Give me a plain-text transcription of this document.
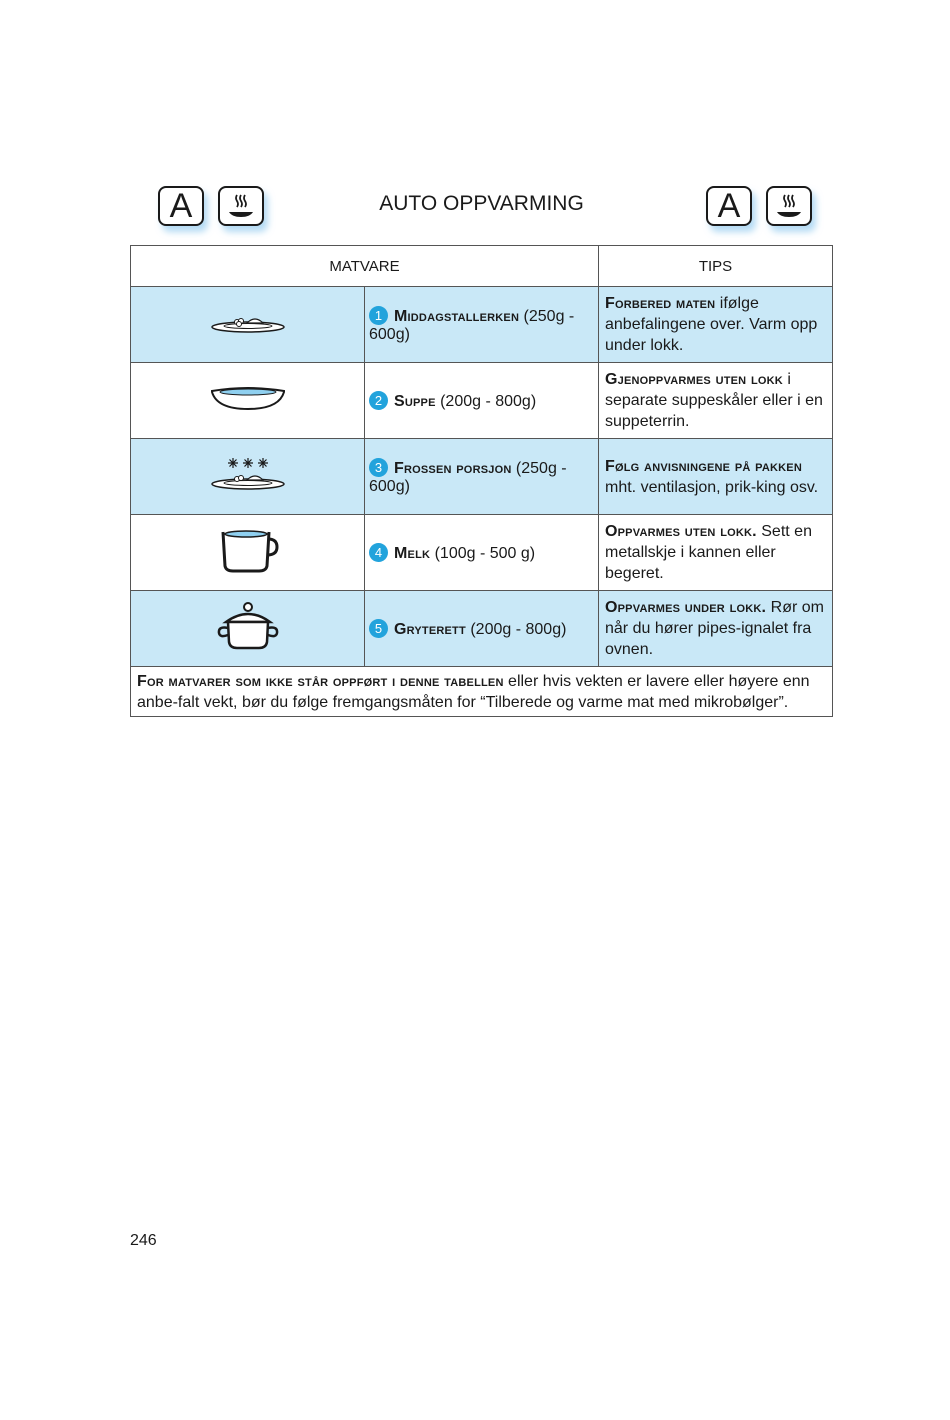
A	AUTO OPPVARMING	A
MATVARE		TIPS
	1 Middagstallerken (250g - 600g)	Forbered maten ifølge anbefalingene over. Varm opp under lokk.
	2 Suppe (200g - 800g)	Gjenoppvarmes uten lokk i separate suppeskåler eller i en suppeterrin.
	3 Frossen porsjon (250g - 600g)	Følg anvisningene på pakken mht. ventilasjon, prik-king osv.
	4 Melk (100g - 500 g)	Oppvarmes uten lokk. Sett en metallskje i kannen eller begeret.
	5 Gryterett (200g - 800g)	Oppvarmes under lokk. Rør om når du hører pipes-ignalet fra ovnen.
For matvarer som ikke står oppført i denne tabellen eller hvis vekten er lavere eller høyere enn anbe-falt vekt, bør du følge fremgangsmåten for “Tilberede og varme mat med mikrobølger”.		
246
